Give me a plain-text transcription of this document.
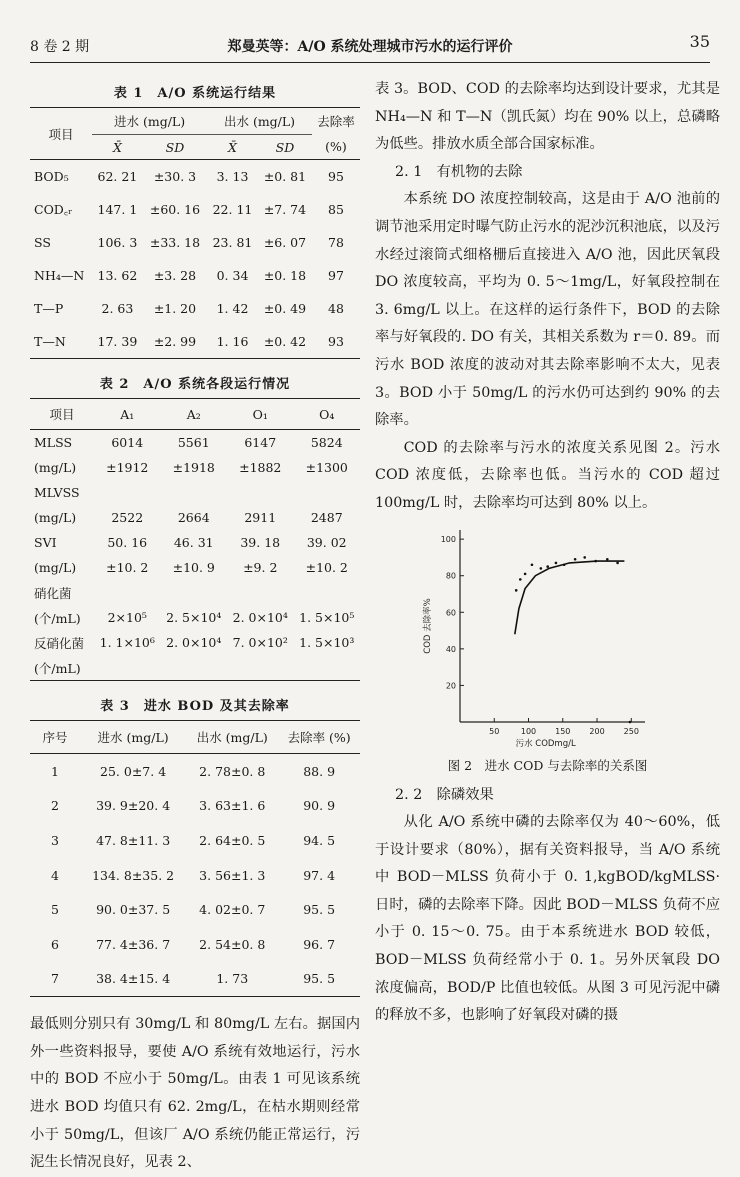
8 卷 2 期	郑曼英等：A/O 系统处理城市污水的运行评价	35
表 1　A/O 系统运行结果
项目	进水 (mg/L)		出水 (mg/L)		去除率
	X̄	SD	X̄	SD	(%)
BOD₅	62. 21	±30. 3	3. 13	±0. 81	95
COD꜀ᵣ	147. 1	±60. 16	22. 11	±7. 74	85
SS	106. 3	±33. 18	23. 81	±6. 07	78
NH₄—N	13. 62	±3. 28	0. 34	±0. 18	97
T—P	2. 63	±1. 20	1. 42	±0. 49	48
T—N	17. 39	±2. 99	1. 16	±0. 42	93
表 2　A/O 系统各段运行情况
项目	A₁	A₂	O₁	O₄
MLSS	6014	5561	6147	5824
(mg/L)	±1912	±1918	±1882	±1300
MLVSS				
(mg/L)	2522	2664	2911	2487
SVI	50. 16	46. 31	39. 18	39. 02
(mg/L)	±10. 2	±10. 9	±9. 2	±10. 2
硝化菌				
(个/mL)	2×10⁵	2. 5×10⁴	2. 0×10⁴	1. 5×10⁵
反硝化菌	1. 1×10⁶	2. 0×10⁴	7. 0×10²	1. 5×10³
(个/mL)				
表 3　进水 BOD 及其去除率
序号	进水 (mg/L)	出水 (mg/L)	去除率 (%)
1	25. 0±7. 4	2. 78±0. 8	88. 9
2	39. 9±20. 4	3. 63±1. 6	90. 9
3	47. 8±11. 3	2. 64±0. 5	94. 5
4	134. 8±35. 2	3. 56±1. 3	97. 4
5	90. 0±37. 5	4. 02±0. 7	95. 5
6	77. 4±36. 7	2. 54±0. 8	96. 7
7	38. 4±15. 4	1. 73	95. 5

最低则分别只有 30mg/L 和 80mg/L 左右。据国内外一些资料报导，要使 A/O 系统有效地运行，污水中的 BOD 不应小于 50mg/L。由表 1 可见该系统进水 BOD 均值只有 62. 2mg/L，在枯水期则经常小于 50mg/L，但该厂 A/O 系统仍能正常运行，污泥生长情况良好，见表 2、

表 3。BOD、COD 的去除率均达到设计要求，尤其是 NH₄—N 和 T—N（凯氏氮）均在 90% 以上，总磷略为低些。排放水质全部合国家标准。

2. 1 有机物的去除

本系统 DO 浓度控制较高，这是由于 A/O 池前的调节池采用定时曝气防止污水的泥沙沉积池底，以及污水经过滚筒式细格栅后直接进入 A/O 池，因此厌氧段 DO 浓度较高，平均为 0. 5～1mg/L，好氧段控制在 3. 6mg/L 以上。在这样的运行条件下，BOD 的去除率与好氧段的. DO 有关，其相关系数为 r＝0. 89。而污水 BOD 浓度的波动对其去除率影响不太大，见表 3。BOD 小于 50mg/L 的污水仍可达到约 90% 的去除率。

COD 的去除率与污水的浓度关系见图 2。污水 COD 浓度低，去除率也低。当污水的 COD 超过 100mg/L 时，去除率均可达到 80% 以上。

20
40
60
80
100
50	100 150 200 250
污水 CODmg/L
COD 去除率%
图 2　进水 COD 与去除率的关系图

2. 2 除磷效果

从化 A/O 系统中磷的去除率仅为 40～60%，低于设计要求（80%），据有关资料报导，当 A/O 系统中 BOD－MLSS 负荷小于 0. 1,kgBOD/kgMLSS·日时，磷的去除率下降。因此 BOD－MLSS 负荷不应小于 0. 15～0. 75。由于本系统进水 BOD 较低，BOD－MLSS 负荷经常小于 0. 1。另外厌氧段 DO 浓度偏高，BOD/P 比值也较低。从图 3 可见污泥中磷的释放不多，也影响了好氧段对磷的摄
